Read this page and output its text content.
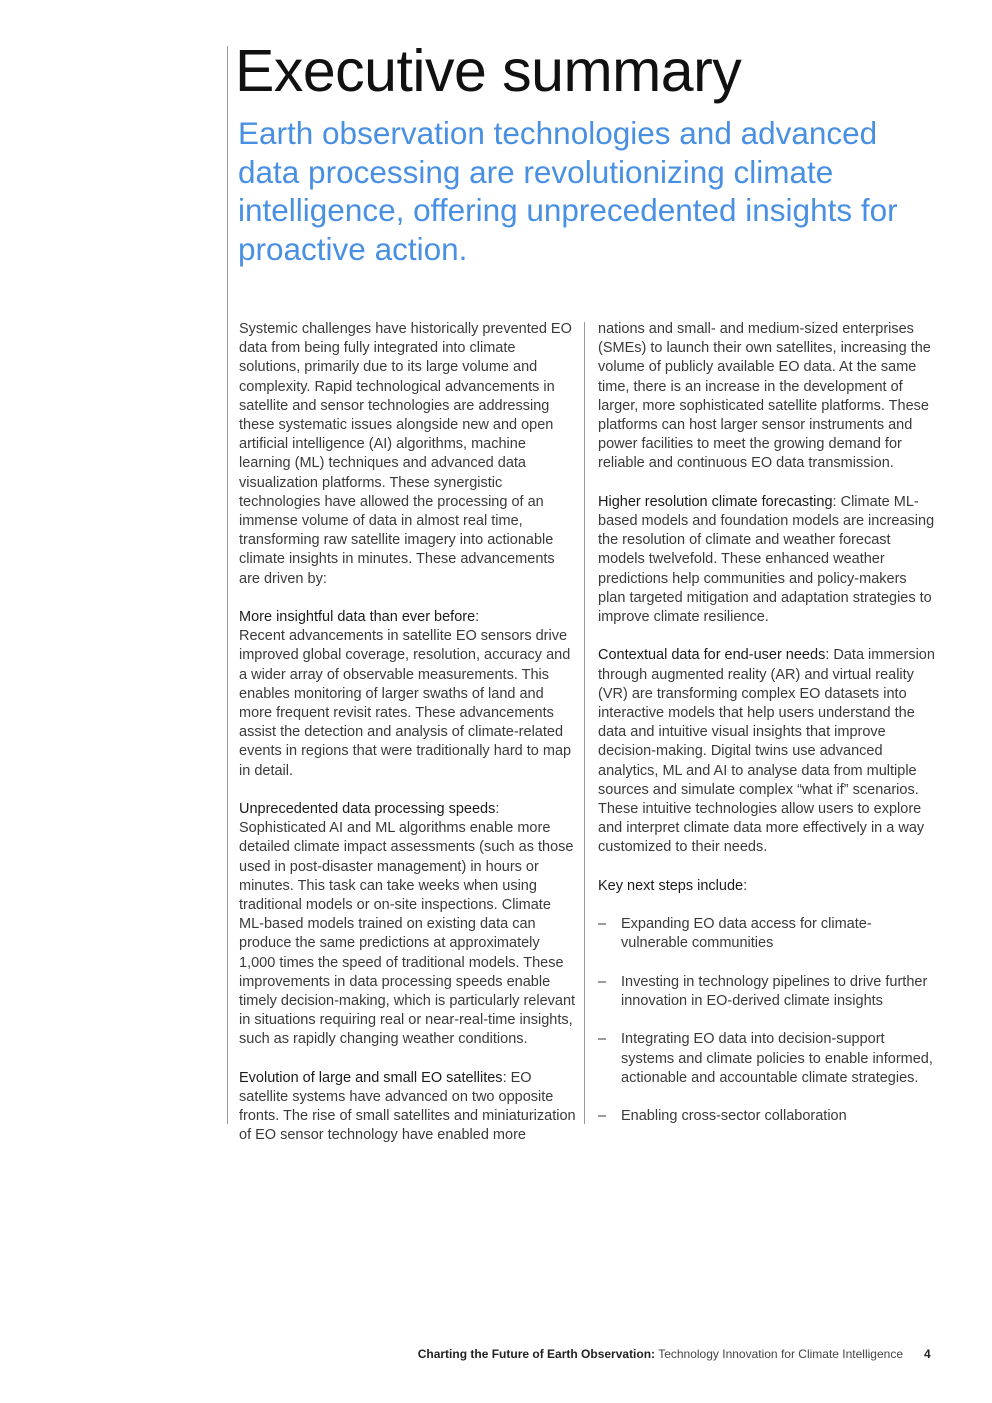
Executive summary
Earth observation technologies and advanced data processing are revolutionizing climate intelligence, offering unprecedented insights for proactive action.

Systemic challenges have historically prevented EO data from being fully integrated into climate solutions, primarily due to its large volume and complexity. Rapid technological advancements in satellite and sensor technologies are addressing these systematic issues alongside new and open artificial intelligence (AI) algorithms, machine learning (ML) techniques and advanced data visualization platforms. These synergistic technologies have allowed the processing of an immense volume of data in almost real time, transforming raw satellite imagery into actionable climate insights in minutes. These advancements are driven by:

More insightful data than ever before:
Recent advancements in satellite EO sensors drive improved global coverage, resolution, accuracy and a wider array of observable measurements. This enables monitoring of larger swaths of land and more frequent revisit rates. These advancements assist the detection and analysis of climate-related events in regions that were traditionally hard to map in detail.

Unprecedented data processing speeds:
Sophisticated AI and ML algorithms enable more detailed climate impact assessments (such as those used in post-disaster management) in hours or minutes. This task can take weeks when using traditional models or on-site inspections. Climate ML-based models trained on existing data can produce the same predictions at approximately 1,000 times the speed of traditional models. These improvements in data processing speeds enable timely decision-making, which is particularly relevant in situations requiring real or near-real-time insights, such as rapidly changing weather conditions.

Evolution of large and small EO satellites: EO satellite systems have advanced on two opposite fronts. The rise of small satellites and miniaturization of EO sensor technology have enabled more

nations and small- and medium-sized enterprises (SMEs) to launch their own satellites, increasing the volume of publicly available EO data. At the same time, there is an increase in the development of larger, more sophisticated satellite platforms. These platforms can host larger sensor instruments and power facilities to meet the growing demand for reliable and continuous EO data transmission.

Higher resolution climate forecasting: Climate ML-based models and foundation models are increasing the resolution of climate and weather forecast models twelvefold. These enhanced weather predictions help communities and policy-makers plan targeted mitigation and adaptation strategies to improve climate resilience.

Contextual data for end-user needs: Data immersion through augmented reality (AR) and virtual reality (VR) are transforming complex EO datasets into interactive models that help users understand the data and intuitive visual insights that improve decision-making. Digital twins use advanced analytics, ML and AI to analyse data from multiple sources and simulate complex “what if” scenarios. These intuitive technologies allow users to explore and interpret climate data more effectively in a way customized to their needs.

Key next steps include:

– Expanding EO data access for climate-vulnerable communities
– Investing in technology pipelines to drive further innovation in EO-derived climate insights
– Integrating EO data into decision-support systems and climate policies to enable informed, actionable and accountable climate strategies.
– Enabling cross-sector collaboration
Charting the Future of Earth Observation: Technology Innovation for Climate Intelligence 4
